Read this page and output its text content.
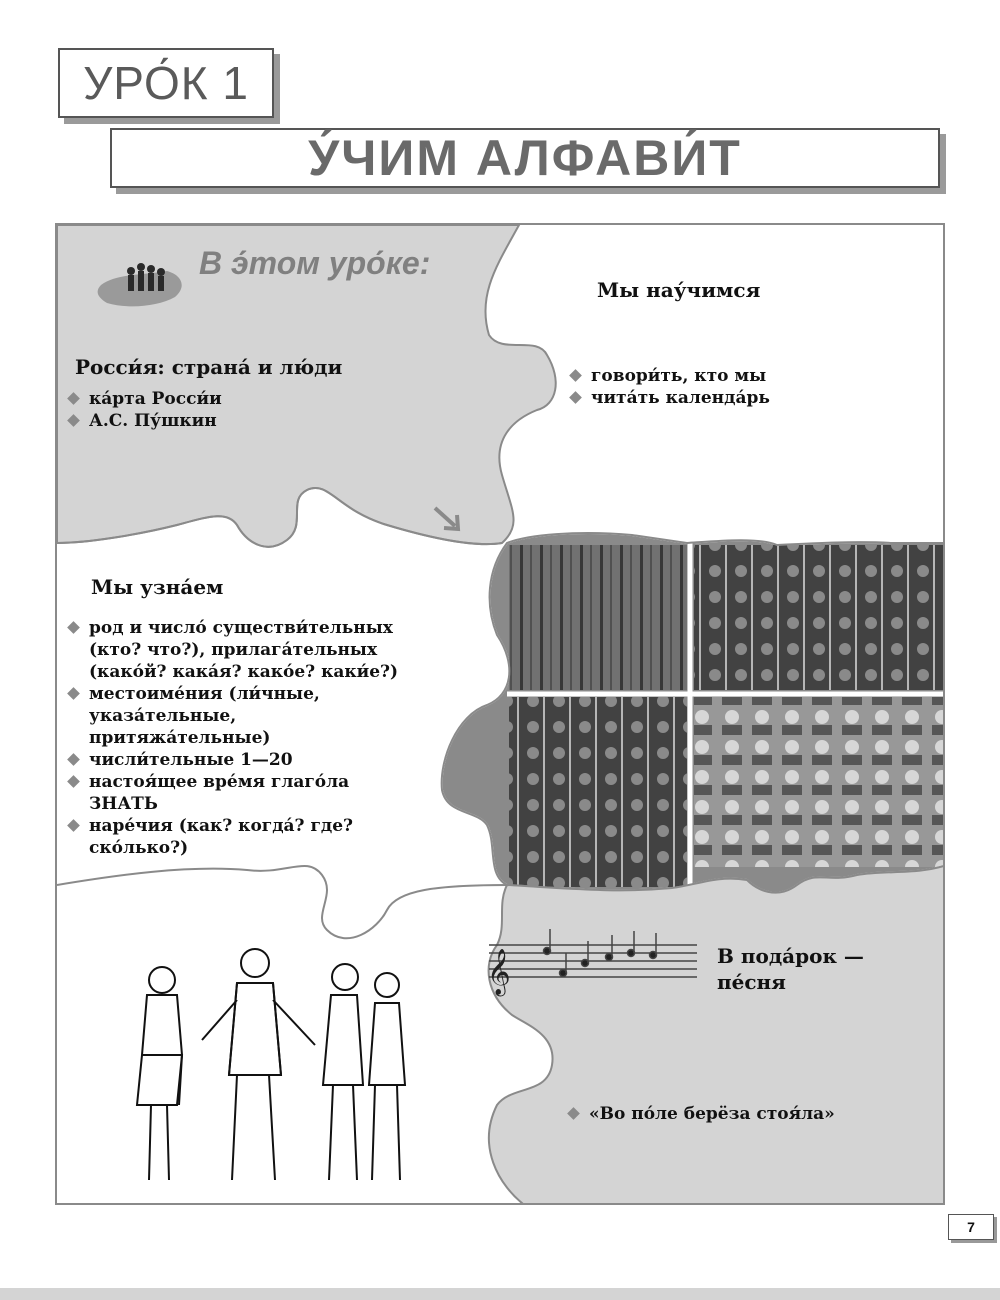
УРО́К 1
У́ЧИМ АЛФАВИ́Т
𝄞
В э́том уро́ке:
Росси́я: страна́ и лю́ди
ка́рта Росси́и
А.С. Пу́шкин
Мы нау́чимся
говори́ть, кто мы
чита́ть календа́рь
Мы узна́ем
род и число́ существи́тельных (кто? что?), прилага́тельных (како́й? кака́я? како́е? каки́е?)
местоиме́ния (ли́чные, указа́тельные, притяжа́тельные)
числи́тельные 1—20
настоя́щее вре́мя глаго́ла ЗНАТЬ
наре́чия (как? когда́? где? ско́лько?)
В пода́рок — пе́сня
«Во по́ле берёза стоя́ла»
7
